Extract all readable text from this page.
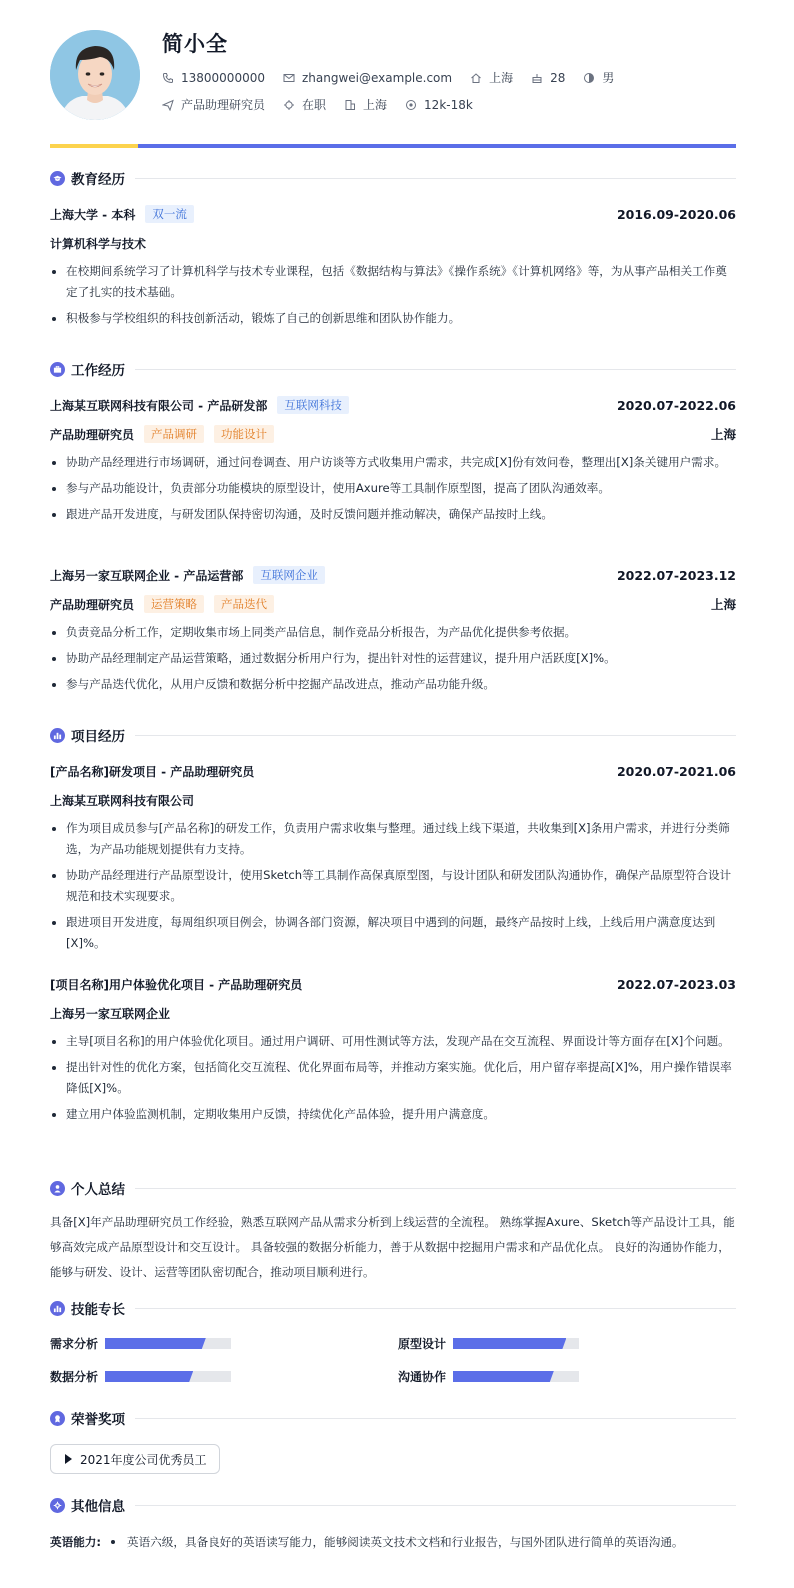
简小全
13800000000	zhangwei@example.com	上海	28	男
产品助理研究员	在职	上海	12k-18k
教育经历
上海大学 - 本科	双一流	2016.09-2020.06
计算机科学与技术
在校期间系统学习了计算机科学与技术专业课程，包括《数据结构与算法》《操作系统》《计算机网络》等，为从事产品相关工作奠定了扎实的技术基础。
积极参与学校组织的科技创新活动，锻炼了自己的创新思维和团队协作能力。
工作经历
上海某互联网科技有限公司 - 产品研发部	互联网科技	2020.07-2022.06
产品助理研究员	产品调研	功能设计	上海
协助产品经理进行市场调研，通过问卷调查、用户访谈等方式收集用户需求，共完成[X]份有效问卷，整理出[X]条关键用户需求。
参与产品功能设计，负责部分功能模块的原型设计，使用Axure等工具制作原型图，提高了团队沟通效率。
跟进产品开发进度，与研发团队保持密切沟通，及时反馈问题并推动解决，确保产品按时上线。
上海另一家互联网企业 - 产品运营部	互联网企业	2022.07-2023.12
产品助理研究员	运营策略	产品迭代	上海
负责竞品分析工作，定期收集市场上同类产品信息，制作竞品分析报告，为产品优化提供参考依据。
协助产品经理制定产品运营策略，通过数据分析用户行为，提出针对性的运营建议，提升用户活跃度[X]%。
参与产品迭代优化，从用户反馈和数据分析中挖掘产品改进点，推动产品功能升级。
项目经历
[产品名称]研发项目 - 产品助理研究员	2020.07-2021.06
上海某互联网科技有限公司
作为项目成员参与[产品名称]的研发工作，负责用户需求收集与整理。通过线上线下渠道，共收集到[X]条用户需求，并进行分类筛选，为产品功能规划提供有力支持。
协助产品经理进行产品原型设计，使用Sketch等工具制作高保真原型图，与设计团队和研发团队沟通协作，确保产品原型符合设计规范和技术实现要求。
跟进项目开发进度，每周组织项目例会，协调各部门资源，解决项目中遇到的问题，最终产品按时上线，上线后用户满意度达到[X]%。
[项目名称]用户体验优化项目 - 产品助理研究员	2022.07-2023.03
上海另一家互联网企业
主导[项目名称]的用户体验优化项目。通过用户调研、可用性测试等方法，发现产品在交互流程、界面设计等方面存在[X]个问题。
提出针对性的优化方案，包括简化交互流程、优化界面布局等，并推动方案实施。优化后，用户留存率提高[X]%，用户操作错误率降低[X]%。
建立用户体验监测机制，定期收集用户反馈，持续优化产品体验，提升用户满意度。
个人总结
具备[X]年产品助理研究员工作经验，熟悉互联网产品从需求分析到上线运营的全流程。 熟练掌握Axure、Sketch等产品设计工具，能够高效完成产品原型设计和交互设计。 具备较强的数据分析能力，善于从数据中挖掘用户需求和产品优化点。 良好的沟通协作能力，能够与研发、设计、运营等团队密切配合，推动项目顺利进行。
技能专长
需求分析	原型设计
数据分析	沟通协作
荣誉奖项
2021年度公司优秀员工
其他信息
英语能力: 英语六级，具备良好的英语读写能力，能够阅读英文技术文档和行业报告，与国外团队进行简单的英语沟通。
